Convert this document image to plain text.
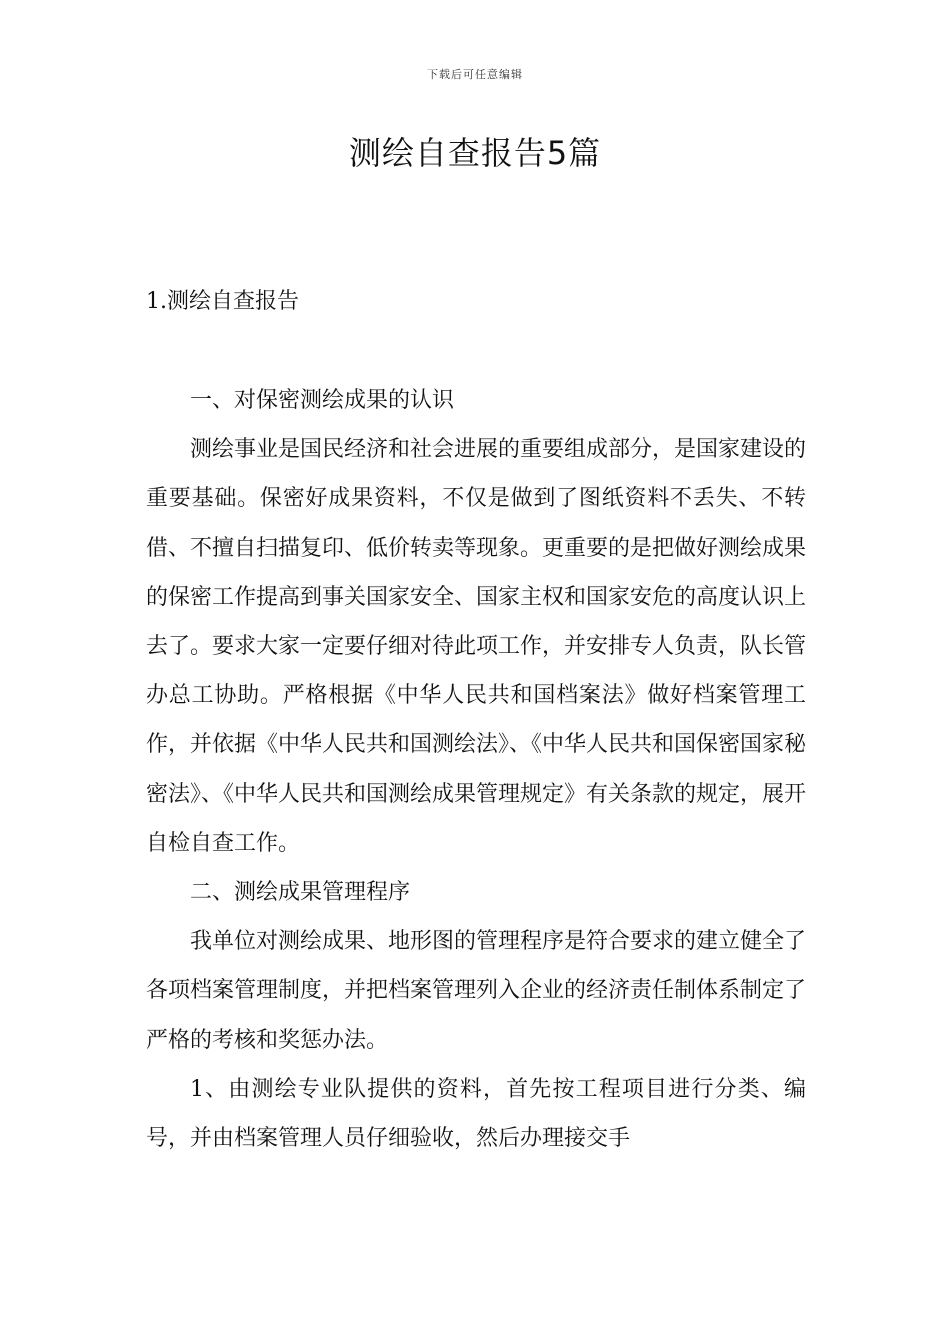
下载后可任意编辑
测绘自查报告5篇
1.测绘自查报告

一、对保密测绘成果的认识

测绘事业是国民经济和社会进展的重要组成部分，是国家建设的重要基础。保密好成果资料，不仅是做到了图纸资料不丢失、不转借、不擅自扫描复印、低价转卖等现象。更重要的是把做好测绘成果的保密工作提高到事关国家安全、国家主权和国家安危的高度认识上去了。要求大家一定要仔细对待此项工作，并安排专人负责，队长管办总工协助。严格根据《中华人民共和国档案法》做好档案管理工作，并依据《中华人民共和国测绘法》、《中华人民共和国保密国家秘密法》、《中华人民共和国测绘成果管理规定》有关条款的规定，展开自检自查工作。

二、测绘成果管理程序

我单位对测绘成果、地形图的管理程序是符合要求的建立健全了各项档案管理制度，并把档案管理列入企业的经济责任制体系制定了严格的考核和奖惩办法。

1、由测绘专业队提供的资料，首先按工程项目进行分类、编号，并由档案管理人员仔细验收，然后办理接交手
